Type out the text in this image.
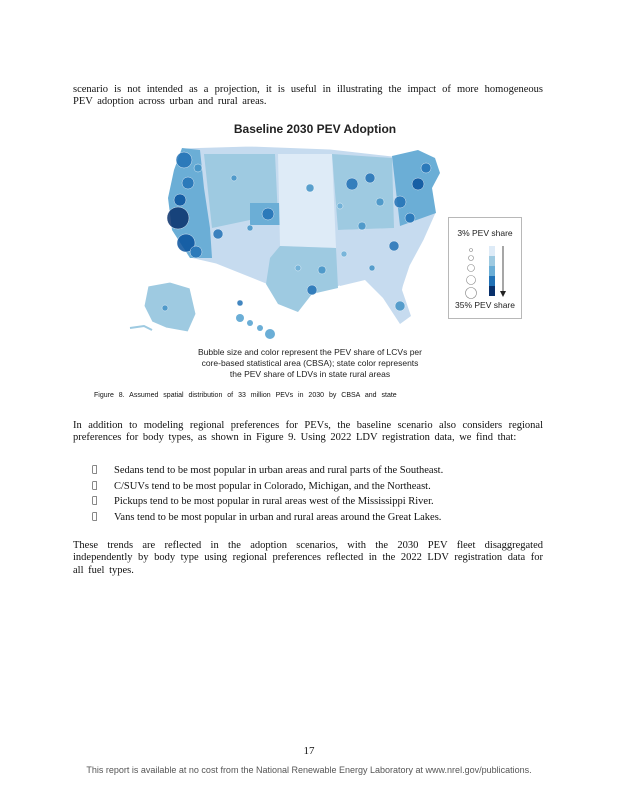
scenario is not intended as a projection, it is useful in illustrating the impact of more homogeneous PEV adoption across urban and rural areas.

Baseline 2030 PEV Adoption
3% PEV share
35% PEV share
Bubble size and color represent the PEV share of LCVs per core-based statistical area (CBSA); state color represents the PEV share of LDVs in state rural areas
Figure 8. Assumed spatial distribution of 33 million PEVs in 2030 by CBSA and state

In addition to modeling regional preferences for PEVs, the baseline scenario also considers regional preferences for body types, as shown in Figure 9. Using 2022 LDV registration data, we find that:

Sedans tend to be most popular in urban areas and rural parts of the Southeast.
C/SUVs tend to be most popular in Colorado, Michigan, and the Northeast.
Pickups tend to be most popular in rural areas west of the Mississippi River.
Vans tend to be most popular in urban and rural areas around the Great Lakes.

These trends are reflected in the adoption scenarios, with the 2030 PEV fleet disaggregated independently by body type using regional preferences reflected in the 2022 LDV registration data for all fuel types.

17
This report is available at no cost from the National Renewable Energy Laboratory at www.nrel.gov/publications.
